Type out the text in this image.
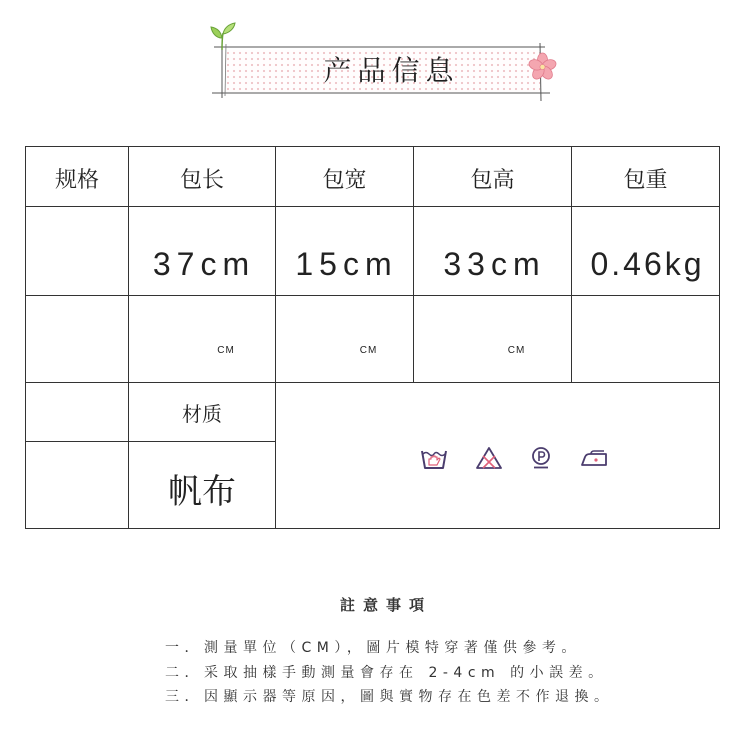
产品信息
规格	包长	包宽	包高	包重
	37cm	15cm	33cm	0.46kg
	CM	CM	CM	
	材质	

	帆布			
註意事項
一．測量單位（CM），圖片模特穿著僅供參考。
二．采取抽樣手動測量會存在 2-4cm 的小誤差。
三．因顯示器等原因，圖與實物存在色差不作退換。
